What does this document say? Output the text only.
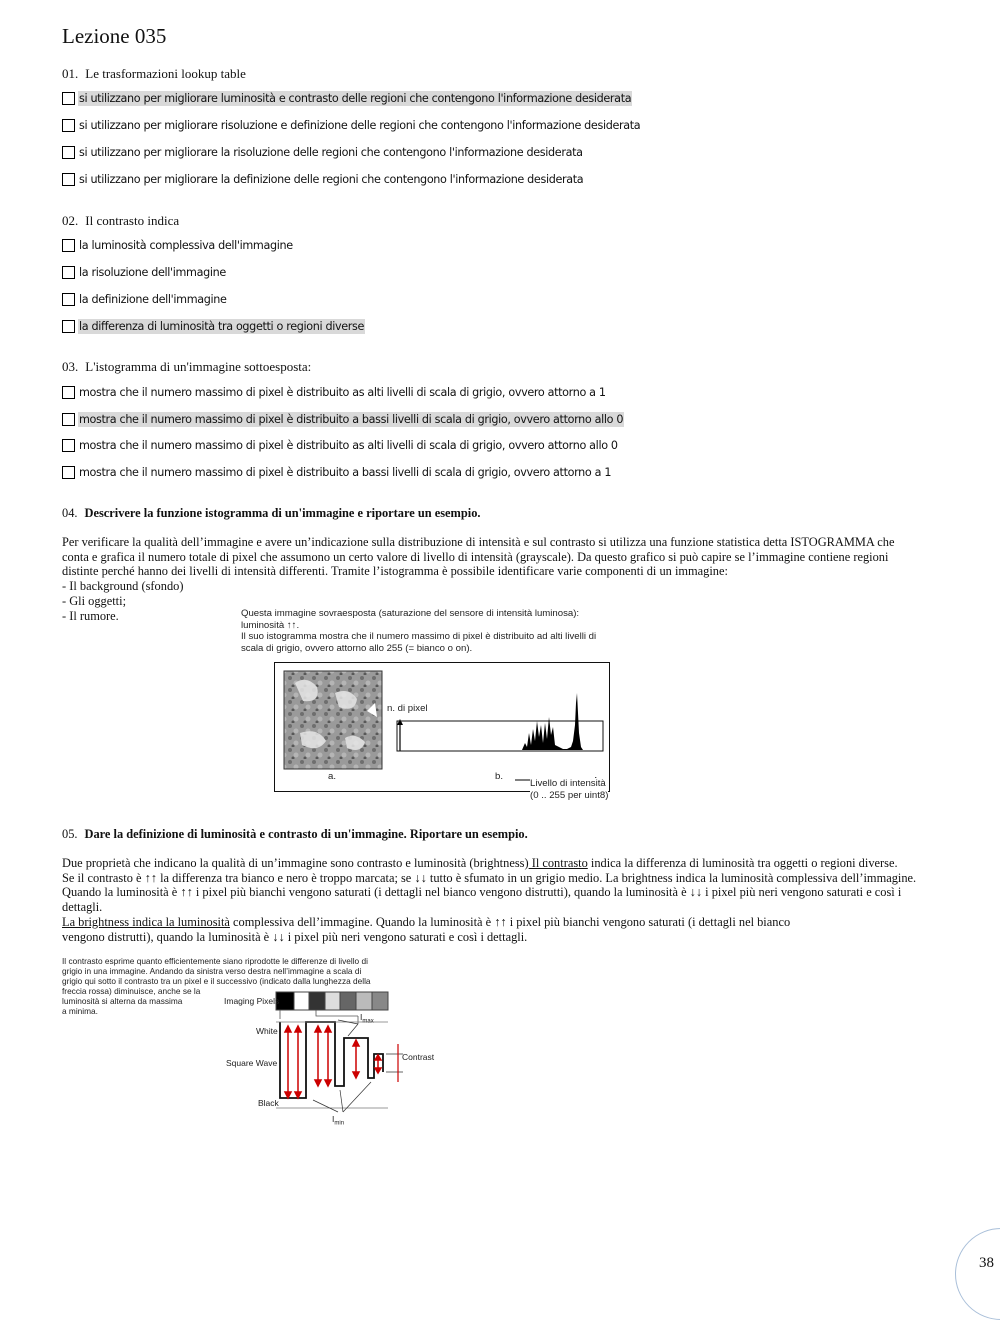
Lezione 035
01. Le trasformazioni lookup table
si utilizzano per migliorare luminosità e contrasto delle regioni che contengono l'informazione desiderata
si utilizzano per migliorare risoluzione e definizione delle regioni che contengono l'informazione desiderata
si utilizzano per migliorare la risoluzione delle regioni che contengono l'informazione desiderata
si utilizzano per migliorare la definizione delle regioni che contengono l'informazione desiderata
02. Il contrasto indica
la luminosità complessiva dell'immagine
la risoluzione dell'immagine
la definizione dell'immagine
la differenza di luminosità tra oggetti o regioni diverse
03. L'istogramma di un'immagine sottoesposta:
mostra che il numero massimo di pixel è distribuito as alti livelli di scala di grigio, ovvero attorno a 1
mostra che il numero massimo di pixel è distribuito a bassi livelli di scala di grigio, ovvero attorno allo 0
mostra che il numero massimo di pixel è distribuito as alti livelli di scala di grigio, ovvero attorno allo 0
mostra che il numero massimo di pixel è distribuito a bassi livelli di scala di grigio, ovvero attorno a 1
04. Descrivere la funzione istogramma di un'immagine e riportare un esempio.
Per verificare la qualità dell’immagine e avere un’indicazione sulla distribuzione di intensità e sul contrasto si utilizza una funzione statistica detta ISTOGRAMMA che
conta e grafica il numero totale di pixel che assumono un certo valore di livello di intensità (grayscale). Da questo grafico si può capire se l’immagine contiene regioni
distinte perché hanno dei livelli di intensità differenti. Tramite l’istogramma è possibile identificare varie componenti di un immagine:
- Il background (sfondo)
- Gli oggetti;
- Il rumore.	Questa immagine sovraesposta (saturazione del sensore di intensità luminosa):
luminosità ↑↑.
Il suo istogramma mostra che il numero massimo di pixel è distribuito ad alti livelli di
scala di grigio, ovvero attorno allo 255 (= bianco o on).
n. di pixel
a.	b.
Livello di intensità
(0 .. 255 per uint8)
05. Dare la definizione di luminosità e contrasto di un'immagine. Riportare un esempio.
Due proprietà che indicano la qualità di un’immagine sono contrasto e luminosità (brightness) Il contrasto indica la differenza di luminosità tra oggetti o regioni diverse.
Se il contrasto è ↑↑ la differenza tra bianco e nero è troppo marcata; se ↓↓ tutto è sfumato in un grigio medio. La brightness indica la luminosità complessiva dell’immagine.
Quando la luminosità è ↑↑ i pixel più bianchi vengono saturati (i dettagli nel bianco vengono distrutti), quando la luminosità è ↓↓ i pixel più neri vengono saturati e così i
dettagli.
La brightness indica la luminosità complessiva dell’immagine. Quando la luminosità è ↑↑ i pixel più bianchi vengono saturati (i dettagli nel bianco
vengono distrutti), quando la luminosità è ↓↓ i pixel più neri vengono saturati e così i dettagli.
Il contrasto esprime quanto efficientemente siano riprodotte le differenze di livello di
grigio in una immagine. Andando da sinistra verso destra nell’immagine a scala di
grigio qui sotto il contrasto tra un pixel e il successivo (indicato dalla lunghezza della
freccia rossa) diminuisce, anche se la
luminosità si alterna da massima
a minima.
Imaging Pixels
White
Square Wave
Black
Contrast
$I_{max}$
$I_{min}$
38
